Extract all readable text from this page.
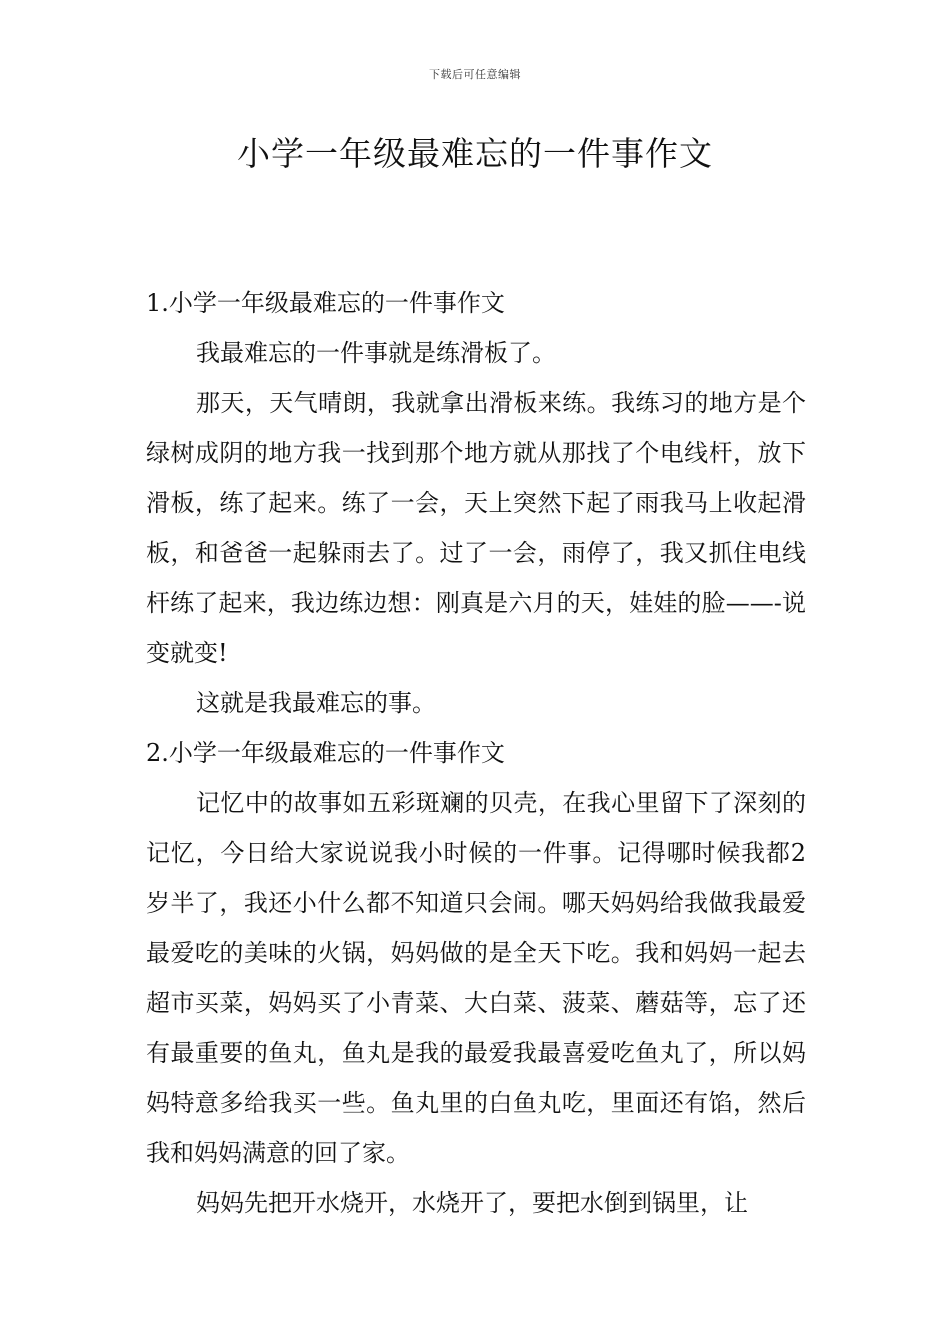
下载后可任意编辑
小学一年级最难忘的一件事作文

1.小学一年级最难忘的一件事作文

我最难忘的一件事就是练滑板了。

那天，天气晴朗，我就拿出滑板来练。我练习的地方是个绿树成阴的地方我一找到那个地方就从那找了个电线杆，放下滑板，练了起来。练了一会，天上突然下起了雨我马上收起滑板，和爸爸一起躲雨去了。过了一会，雨停了，我又抓住电线杆练了起来，我边练边想：刚真是六月的天，娃娃的脸——-说变就变!

这就是我最难忘的事。

2.小学一年级最难忘的一件事作文

记忆中的故事如五彩斑斓的贝壳，在我心里留下了深刻的记忆，今日给大家说说我小时候的一件事。记得哪时候我都2岁半了，我还小什么都不知道只会闹。哪天妈妈给我做我最爱最爱吃的美味的火锅，妈妈做的是全天下吃。我和妈妈一起去超市买菜，妈妈买了小青菜、大白菜、菠菜、蘑菇等，忘了还有最重要的鱼丸，鱼丸是我的最爱我最喜爱吃鱼丸了，所以妈妈特意多给我买一些。鱼丸里的白鱼丸吃，里面还有馅，然后我和妈妈满意的回了家。

妈妈先把开水烧开，水烧开了，要把水倒到锅里，让
